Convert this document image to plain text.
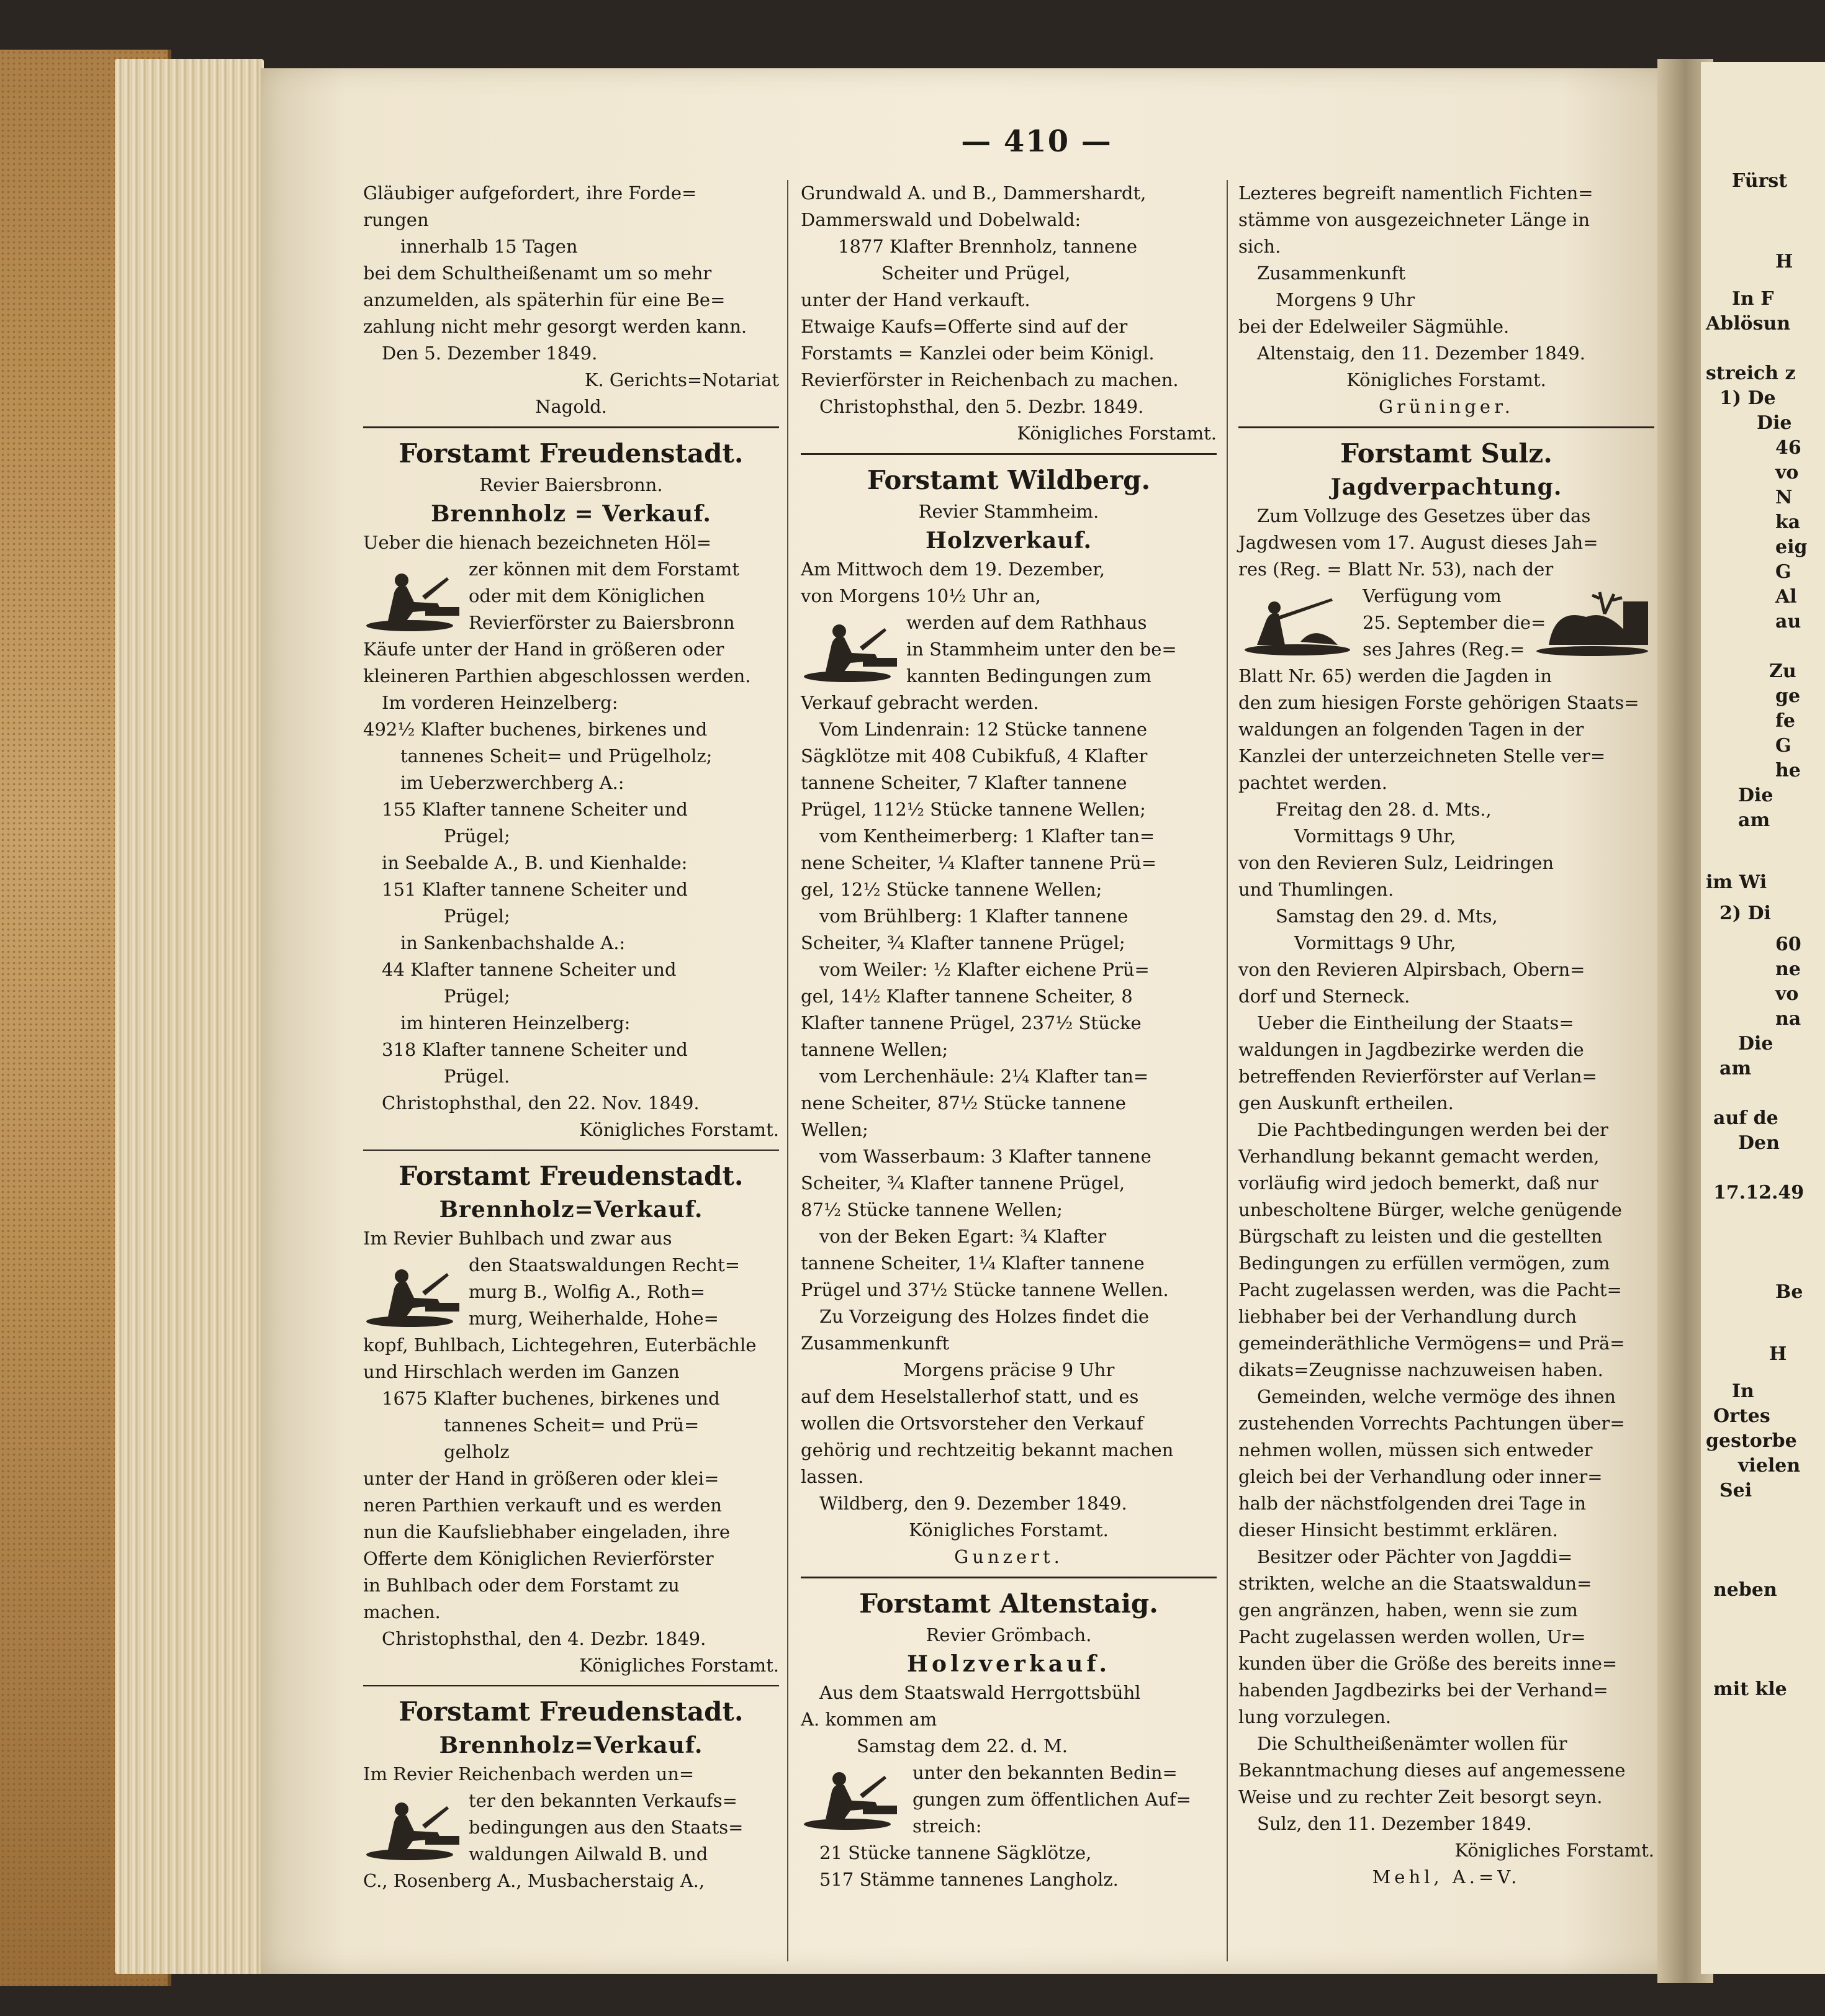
Fürst
H
In F
Ablösun
streich z
1) De
Die
46
vo
N
ka
eig
G
Al
au
Zu
ge
fe
G
he
Die
am
im Wi
2) Di
60
ne
vo
na
Die
am
auf de
Den
17.12.49
Be
H
In
Ortes
gestorbe
vielen
Sei
neben
mit kle
— 410 —
Gläubiger aufgefordert, ihre Forde=
rungen
innerhalb 15 Tagen
bei dem Schultheißenamt um so mehr
anzumelden, als späterhin für eine Be=
zahlung nicht mehr gesorgt werden kann.
Den 5. Dezember 1849.
K. Gerichts=Notariat
Nagold.
Forstamt Freudenstadt.
Revier Baiersbronn.
Brennholz = Verkauf.
Ueber die hienach bezeichneten Höl=
zer können mit dem Forstamt
oder mit dem Königlichen
Revierförster zu Baiersbronn
Käufe unter der Hand in größeren oder
kleineren Parthien abgeschlossen werden.
Im vorderen Heinzelberg:
492½ Klafter buchenes, birkenes und
tannenes Scheit= und Prügelholz;
im Ueberzwerchberg A.:
155 Klafter tannene Scheiter und
Prügel;
in Seebalde A., B. und Kienhalde:
151 Klafter tannene Scheiter und
Prügel;
in Sankenbachshalde A.:
44 Klafter tannene Scheiter und
Prügel;
im hinteren Heinzelberg:
318 Klafter tannene Scheiter und
Prügel.
Christophsthal, den 22. Nov. 1849.
Königliches Forstamt.
Forstamt Freudenstadt.
Brennholz=Verkauf.
Im Revier Buhlbach und zwar aus
den Staatswaldungen Recht=
murg B., Wolfig A., Roth=
murg, Weiherhalde, Hohe=
kopf, Buhlbach, Lichtegehren, Euterbächle
und Hirschlach werden im Ganzen
1675 Klafter buchenes, birkenes und
tannenes Scheit= und Prü=
gelholz
unter der Hand in größeren oder klei=
neren Parthien verkauft und es werden
nun die Kaufsliebhaber eingeladen, ihre
Offerte dem Königlichen Revierförster
in Buhlbach oder dem Forstamt zu
machen.
Christophsthal, den 4. Dezbr. 1849.
Königliches Forstamt.
Forstamt Freudenstadt.
Brennholz=Verkauf.
Im Revier Reichenbach werden un=
ter den bekannten Verkaufs=
bedingungen aus den Staats=
waldungen Ailwald B. und
C., Rosenberg A., Musbacherstaig A.,
Grundwald A. und B., Dammershardt,
Dammerswald und Dobelwald:
1877 Klafter Brennholz, tannene
Scheiter und Prügel,
unter der Hand verkauft.
Etwaige Kaufs=Offerte sind auf der
Forstamts = Kanzlei oder beim Königl.
Revierförster in Reichenbach zu machen.
Christophsthal, den 5. Dezbr. 1849.
Königliches Forstamt.
Forstamt Wildberg.
Revier Stammheim.
Holzverkauf.
Am Mittwoch dem 19. Dezember,
von Morgens 10½ Uhr an,
werden auf dem Rathhaus
in Stammheim unter den be=
kannten Bedingungen zum
Verkauf gebracht werden.
Vom Lindenrain: 12 Stücke tannene
Sägklötze mit 408 Cubikfuß, 4 Klafter
tannene Scheiter, 7 Klafter tannene
Prügel, 112½ Stücke tannene Wellen;
vom Kentheimerberg: 1 Klafter tan=
nene Scheiter, ¼ Klafter tannene Prü=
gel, 12½ Stücke tannene Wellen;
vom Brühlberg: 1 Klafter tannene
Scheiter, ¾ Klafter tannene Prügel;
vom Weiler: ½ Klafter eichene Prü=
gel, 14½ Klafter tannene Scheiter, 8
Klafter tannene Prügel, 237½ Stücke
tannene Wellen;
vom Lerchenhäule: 2¼ Klafter tan=
nene Scheiter, 87½ Stücke tannene
Wellen;
vom Wasserbaum: 3 Klafter tannene
Scheiter, ¾ Klafter tannene Prügel,
87½ Stücke tannene Wellen;
von der Beken Egart: ¾ Klafter
tannene Scheiter, 1¼ Klafter tannene
Prügel und 37½ Stücke tannene Wellen.
Zu Vorzeigung des Holzes findet die
Zusammenkunft
Morgens präcise 9 Uhr
auf dem Heselstallerhof statt, und es
wollen die Ortsvorsteher den Verkauf
gehörig und rechtzeitig bekannt machen
lassen.
Wildberg, den 9. Dezember 1849.
Königliches Forstamt.
Gunzert.
Forstamt Altenstaig.
Revier Grömbach.
Holzverkauf.
Aus dem Staatswald Herrgottsbühl
A. kommen am
Samstag dem 22. d. M.
unter den bekannten Bedin=
gungen zum öffentlichen Auf=
streich:
21 Stücke tannene Sägklötze,
517 Stämme tannenes Langholz.
Lezteres begreift namentlich Fichten=
stämme von ausgezeichneter Länge in
sich.
Zusammenkunft
Morgens 9 Uhr
bei der Edelweiler Sägmühle.
Altenstaig, den 11. Dezember 1849.
Königliches Forstamt.
Grüninger.
Forstamt Sulz.
Jagdverpachtung.
Zum Vollzuge des Gesetzes über das
Jagdwesen vom 17. August dieses Jah=
res (Reg. = Blatt Nr. 53), nach der
Verfügung vom
25. September die=
ses Jahres (Reg.=
Blatt Nr. 65) werden die Jagden in
den zum hiesigen Forste gehörigen Staats=
waldungen an folgenden Tagen in der
Kanzlei der unterzeichneten Stelle ver=
pachtet werden.
Freitag den 28. d. Mts.,
Vormittags 9 Uhr,
von den Revieren Sulz, Leidringen
und Thumlingen.
Samstag den 29. d. Mts,
Vormittags 9 Uhr,
von den Revieren Alpirsbach, Obern=
dorf und Sterneck.
Ueber die Eintheilung der Staats=
waldungen in Jagdbezirke werden die
betreffenden Revierförster auf Verlan=
gen Auskunft ertheilen.
Die Pachtbedingungen werden bei der
Verhandlung bekannt gemacht werden,
vorläufig wird jedoch bemerkt, daß nur
unbescholtene Bürger, welche genügende
Bürgschaft zu leisten und die gestellten
Bedingungen zu erfüllen vermögen, zum
Pacht zugelassen werden, was die Pacht=
liebhaber bei der Verhandlung durch
gemeinderäthliche Vermögens= und Prä=
dikats=Zeugnisse nachzuweisen haben.
Gemeinden, welche vermöge des ihnen
zustehenden Vorrechts Pachtungen über=
nehmen wollen, müssen sich entweder
gleich bei der Verhandlung oder inner=
halb der nächstfolgenden drei Tage in
dieser Hinsicht bestimmt erklären.
Besitzer oder Pächter von Jagddi=
strikten, welche an die Staatswaldun=
gen angränzen, haben, wenn sie zum
Pacht zugelassen werden wollen, Ur=
kunden über die Größe des bereits inne=
habenden Jagdbezirks bei der Verhand=
lung vorzulegen.
Die Schultheißenämter wollen für
Bekanntmachung dieses auf angemessene
Weise und zu rechter Zeit besorgt seyn.
Sulz, den 11. Dezember 1849.
Königliches Forstamt.
Mehl, A.=V.
